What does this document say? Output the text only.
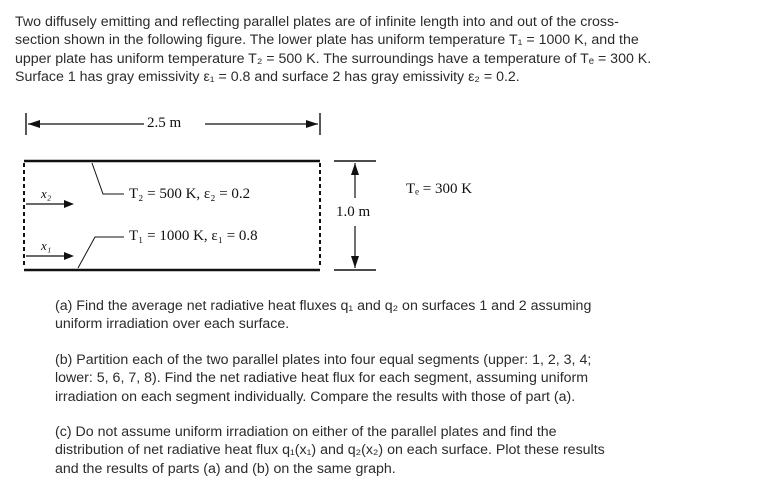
Two diffusely emitting and reflecting parallel plates are of infinite length into and out of the cross-
section shown in the following figure. The lower plate has uniform temperature T₁ = 1000 K, and the
upper plate has uniform temperature T₂ = 500 K. The surroundings have a temperature of Tₑ = 300 K.
Surface 1 has gray emissivity ε₁ = 0.8 and surface 2 has gray emissivity ε₂ = 0.2.
2.5 m
1.0 m
T₂ = 500 K, ε₂ = 0.2
T₁ = 1000 K, ε₁ = 0.8
Tₑ = 300 K
x₂
x₁
(a) Find the average net radiative heat fluxes q₁ and q₂ on surfaces 1 and 2 assuming
uniform irradiation over each surface.
(b) Partition each of the two parallel plates into four equal segments (upper: 1, 2, 3, 4;
lower: 5, 6, 7, 8). Find the net radiative heat flux for each segment, assuming uniform
irradiation on each segment individually. Compare the results with those of part (a).
(c) Do not assume uniform irradiation on either of the parallel plates and find the
distribution of net radiative heat flux q₁(x₁) and q₂(x₂) on each surface. Plot these results
and the results of parts (a) and (b) on the same graph.
